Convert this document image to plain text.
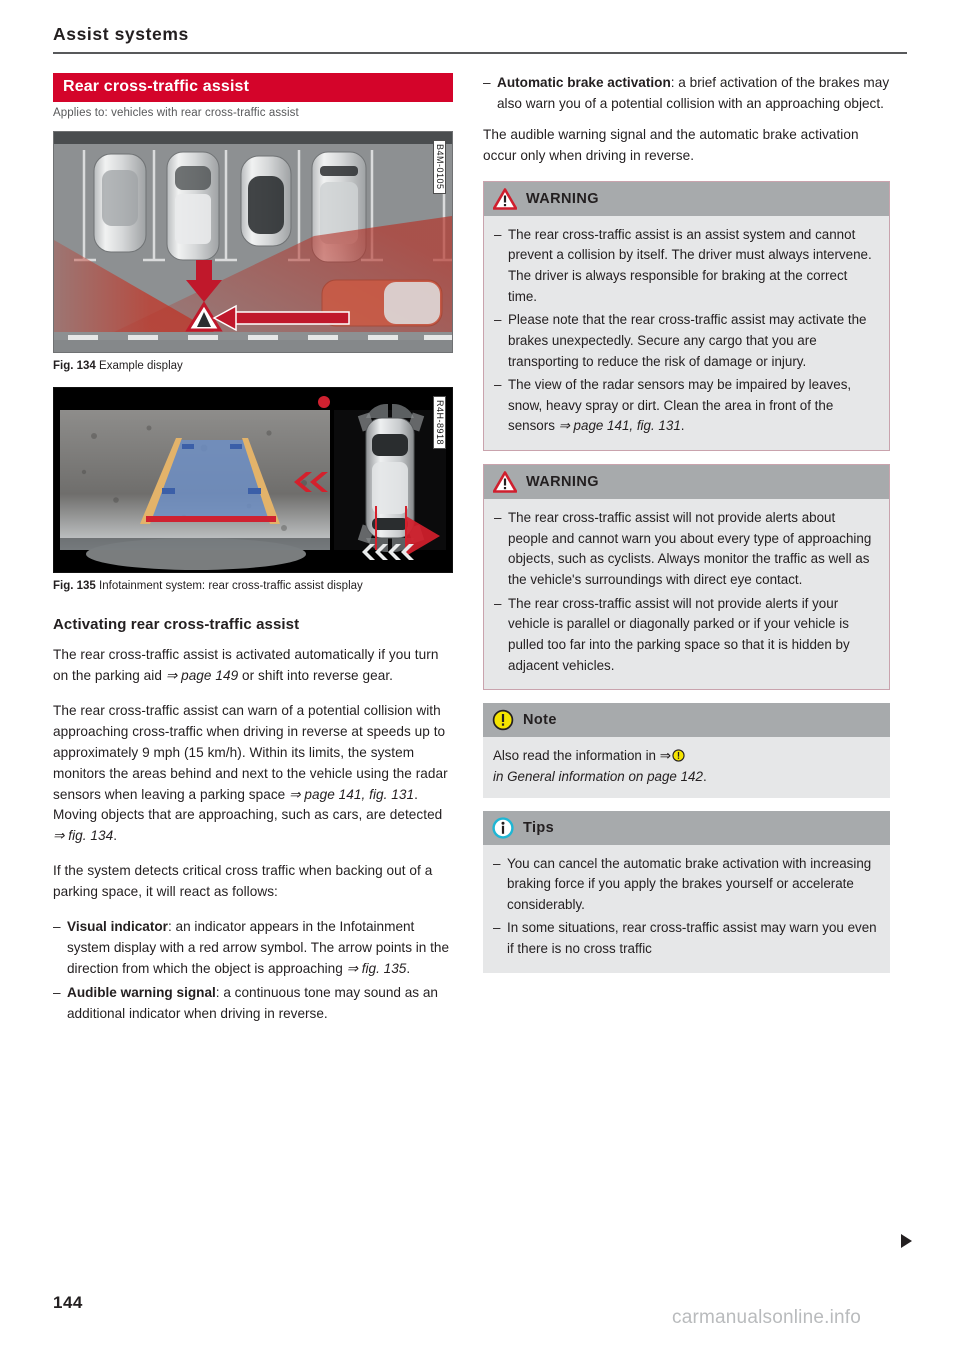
Assist systems
Rear cross-traffic assist
Applies to: vehicles with rear cross-traffic assist
B4M-0105
Fig. 134 Example display
R4H-8918
Fig. 135 Infotainment system: rear cross-traffic assist display
Activating rear cross-traffic assist

The rear cross-traffic assist is activated automatically if you turn on the parking aid ⇒ page 149 or shift into reverse gear.

The rear cross-traffic assist can warn of a potential collision with approaching cross-traffic when driving in reverse at speeds up to approximately 9 mph (15 km/h). Within its limits, the system monitors the areas behind and next to the vehicle using the radar sensors when leaving a parking space ⇒ page 141, fig. 131. Moving objects that are approaching, such as cars, are detected ⇒ fig. 134.

If the system detects critical cross traffic when backing out of a parking space, it will react as follows:

– Visual indicator: an indicator appears in the Infotainment system display with a red arrow symbol. The arrow points in the direction from which the object is approaching ⇒ fig. 135.
– Audible warning signal: a continuous tone may sound as an additional indicator when driving in reverse.
– Automatic brake activation: a brief activation of the brakes may also warn you of a potential collision with an approaching object.

The audible warning signal and the automatic brake activation occur only when driving in reverse.

WARNING
– The rear cross-traffic assist is an assist system and cannot prevent a collision by itself. The driver must always intervene. The driver is always responsible for braking at the correct time.
– Please note that the rear cross-traffic assist may activate the brakes unexpectedly. Secure any cargo that you are transporting to reduce the risk of damage or injury.
– The view of the radar sensors may be impaired by leaves, snow, heavy spray or dirt. Clean the area in front of the sensors ⇒ page 141, fig. 131.
WARNING
– The rear cross-traffic assist will not provide alerts about people and cannot warn you about every type of approaching objects, such as cyclists. Always monitor the traffic as well as the vehicle's surroundings with direct eye contact.
– The rear cross-traffic assist will not provide alerts if your vehicle is parallel or diagonally parked or if your vehicle is pulled too far into the parking space so that it is hidden by adjacent vehicles.
Note

Also read the information in ⇒ in General information on page 142.

Tips
– You can cancel the automatic brake activation with increasing braking force if you apply the brakes yourself or accelerate considerably.
– In some situations, rear cross-traffic assist may warn you even if there is no cross traffic
144
carmanualsonline.info
